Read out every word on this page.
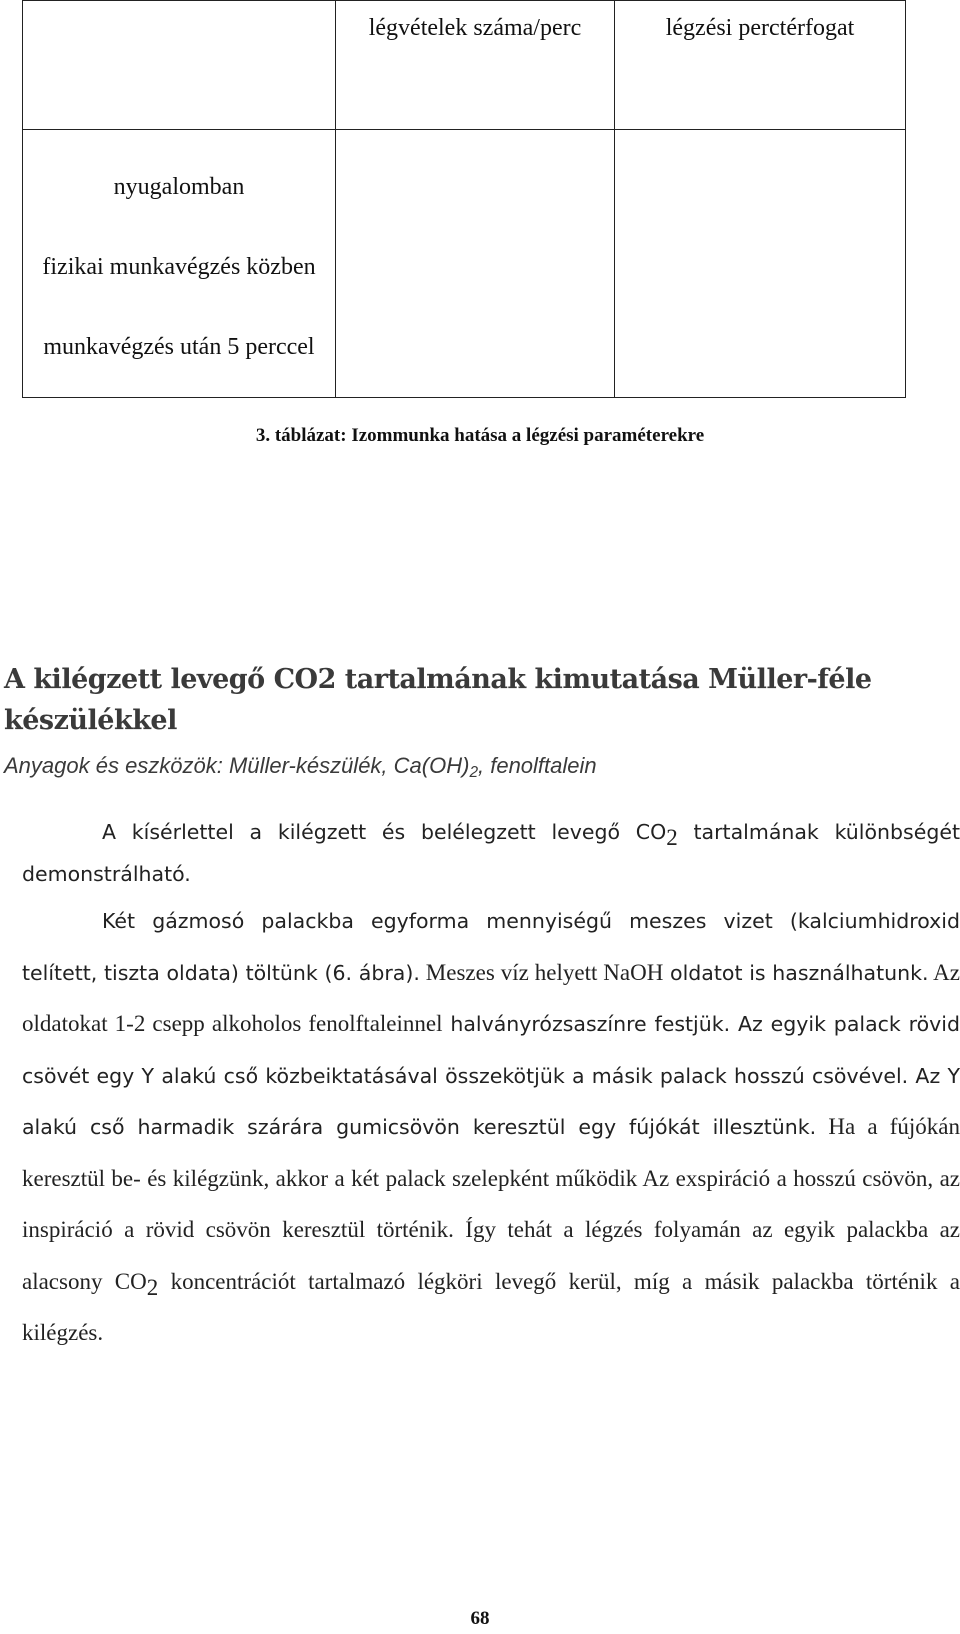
	légvételek száma/perc	légzési perctérfogat

nyugalomban
fizikai munkavégzés közben
munkavégzés után 5 perccel		

3. táblázat: Izommunka hatása a légzési paraméterekre
A kilégzett levegő CO2 tartalmának kimutatása Müller-féle készülékkel
Anyagok és eszközök: Müller-készülék, $Ca(OH)_2$, fenolftalein
A kísérlettel a kilégzett és belélegzett levegő $CO_2$ tartalmának különbségét demonstrálható.
Két gázmosó palackba egyforma mennyiségű meszes vizet (kalciumhidroxid telített, tiszta oldata) töltünk (6. ábra). Meszes víz helyett NaOH oldatot is használhatunk. Az oldatokat 1-2 csepp alkoholos fenolftaleinnel halványrózsaszínre festjük. Az egyik palack rövid csövét egy Y alakú cső közbeiktatásával összekötjük a másik palack hosszú csövével. Az Y alakú cső harmadik szárára gumicsövön keresztül egy fújókát illesztünk. Ha a fújókán keresztül be- és kilégzünk, akkor a két palack szelepként működik Az exspiráció a hosszú csövön, az inspiráció a rövid csövön keresztül történik. Így tehát a légzés folyamán az egyik palackba az alacsony $CO_2$ koncentrációt tartalmazó légköri levegő kerül, míg a másik palackba történik a kilégzés.
68
